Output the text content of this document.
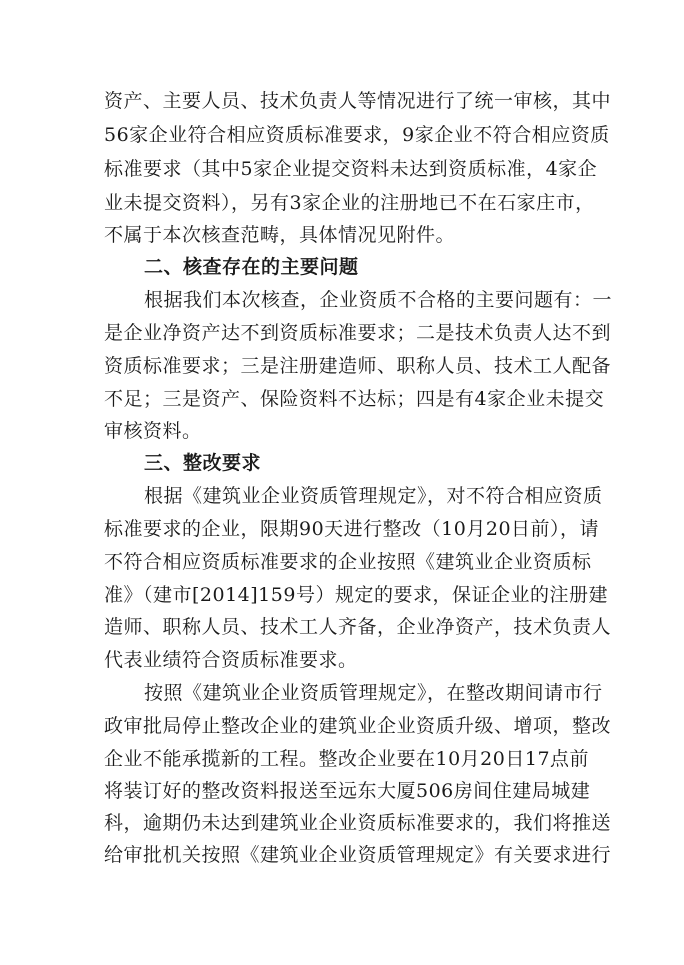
资产、主要人员、技术负责人等情况进行了统一审核，其中
56家企业符合相应资质标准要求，9家企业不符合相应资质
标准要求（其中5家企业提交资料未达到资质标准，4家企
业未提交资料），另有3家企业的注册地已不在石家庄市，
不属于本次核查范畴，具体情况见附件。
二、核查存在的主要问题
根据我们本次核查，企业资质不合格的主要问题有：一
是企业净资产达不到资质标准要求；二是技术负责人达不到
资质标准要求；三是注册建造师、职称人员、技术工人配备
不足；三是资产、保险资料不达标；四是有4家企业未提交
审核资料。
三、整改要求
根据《建筑业企业资质管理规定》，对不符合相应资质
标准要求的企业，限期90天进行整改（10月20日前），请
不符合相应资质标准要求的企业按照《建筑业企业资质标
准》（建市[2014]159号）规定的要求，保证企业的注册建
造师、职称人员、技术工人齐备，企业净资产，技术负责人
代表业绩符合资质标准要求。
按照《建筑业企业资质管理规定》，在整改期间请市行
政审批局停止整改企业的建筑业企业资质升级、增项，整改
企业不能承揽新的工程。整改企业要在10月20日17点前
将装订好的整改资料报送至远东大厦506房间住建局城建
科，逾期仍未达到建筑业企业资质标准要求的，我们将推送
给审批机关按照《建筑业企业资质管理规定》有关要求进行
